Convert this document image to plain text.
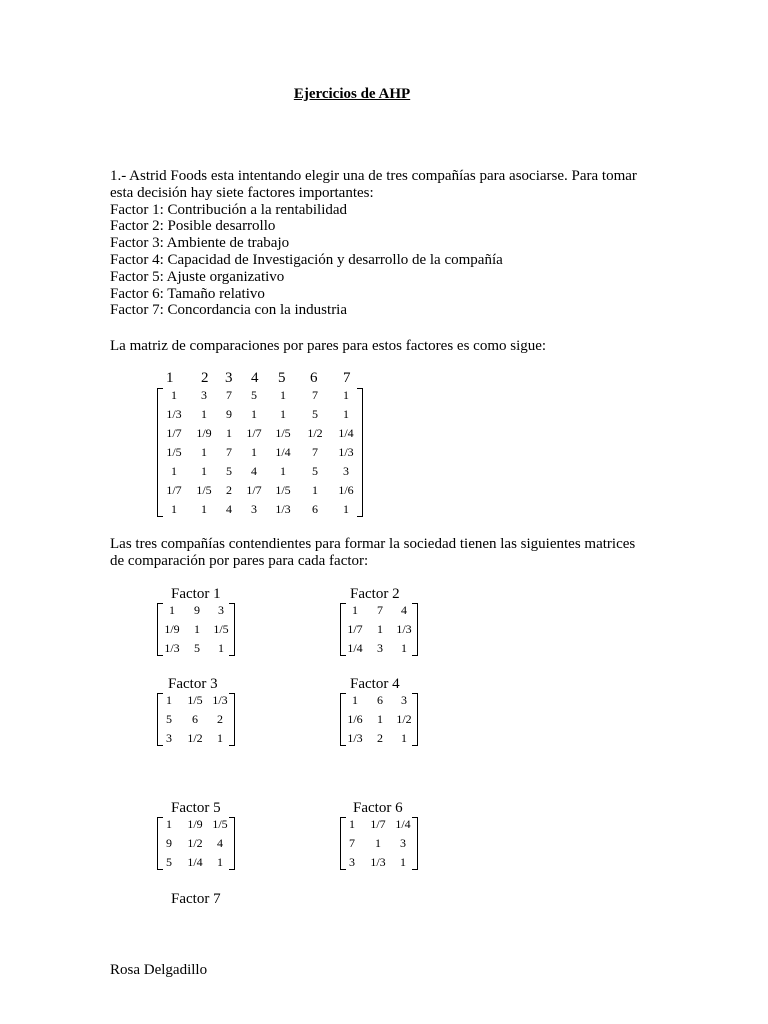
Ejercicios de AHP
1.- Astrid Foods esta intentando elegir una de tres compañías para asociarse. Para tomar
esta decisión hay siete factores importantes:
Factor 1: Contribución a la rentabilidad
Factor 2: Posible desarrollo
Factor 3: Ambiente de trabajo
Factor 4: Capacidad de Investigación y desarrollo de la compañía
Factor 5: Ajuste organizativo
Factor 6: Tamaño relativo
Factor 7: Concordancia con la industria
La matriz de comparaciones por pares para estos factores es como sigue:
1 2 3 4 5 6 7
1	3	7	5	1	7	1
1/3	1	9	1	1	5	1
1/7	1/9	1	1/7	1/5	1/2	1/4
1/5	1	7	1	1/4	7	1/3
1	1	5	4	1	5	3
1/7	1/5	2	1/7	1/5	1	1/6
1	1	4	3	1/3	6	1
Las tres compañías contendientes para formar la sociedad tienen las siguientes matrices
de comparación por pares para cada factor:
Factor 1
1	9	3
1/9	1	1/5
1/3	5	1
Factor 2
1	7	4
1/7	1	1/3
1/4	3	1
Factor 3
1	1/5 1/3
5	6	2
3	1/2	1
Factor 4
1	6	3
1/6	1	1/2
1/3	2	1
Factor 5
1	1/9 1/5
9	1/2	4
5	1/4	1
Factor 6
1	1/7 1/4
7	1	3
3	1/3	1
Factor 7
Rosa Delgadillo
